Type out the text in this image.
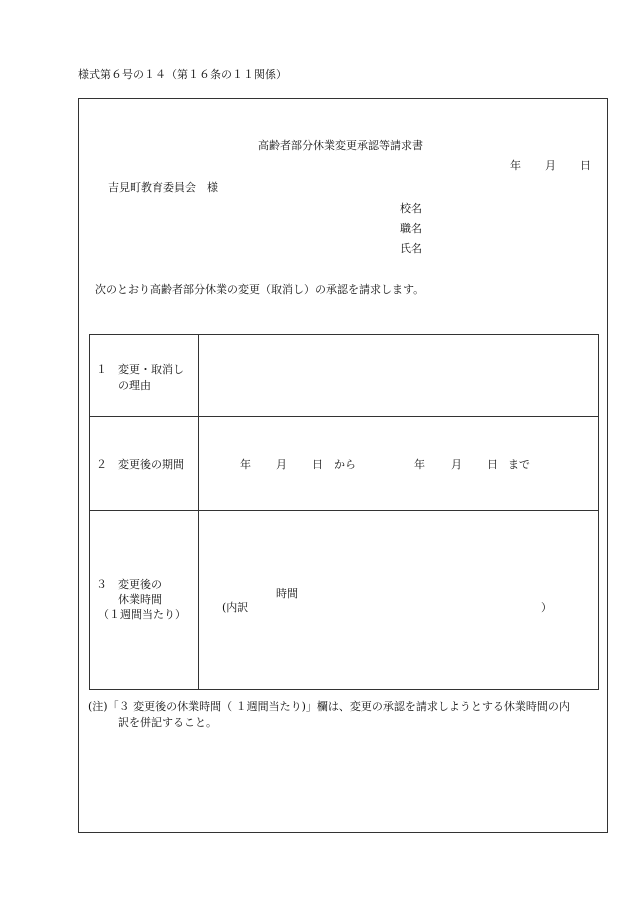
様式第６号の１４（第１６条の１１関係）
高齢者部分休業変更承認等請求書
年 月 日
吉見町教育委員会　様
校名
職名
氏名
次のとおり高齢者部分休業の変更（取消し）の承認を請求します。
１　変更・取消し
の理由
２　変更後の期間	年 月 日 から	年 月 日 まで
３　変更後の
休業時間
（１週間当たり）
時間
(内訳	）
(注)「３ 変更後の休業時間（ １週間当たり)」欄は、変更の承認を請求しようとする休業時間の内
訳を併記すること。
